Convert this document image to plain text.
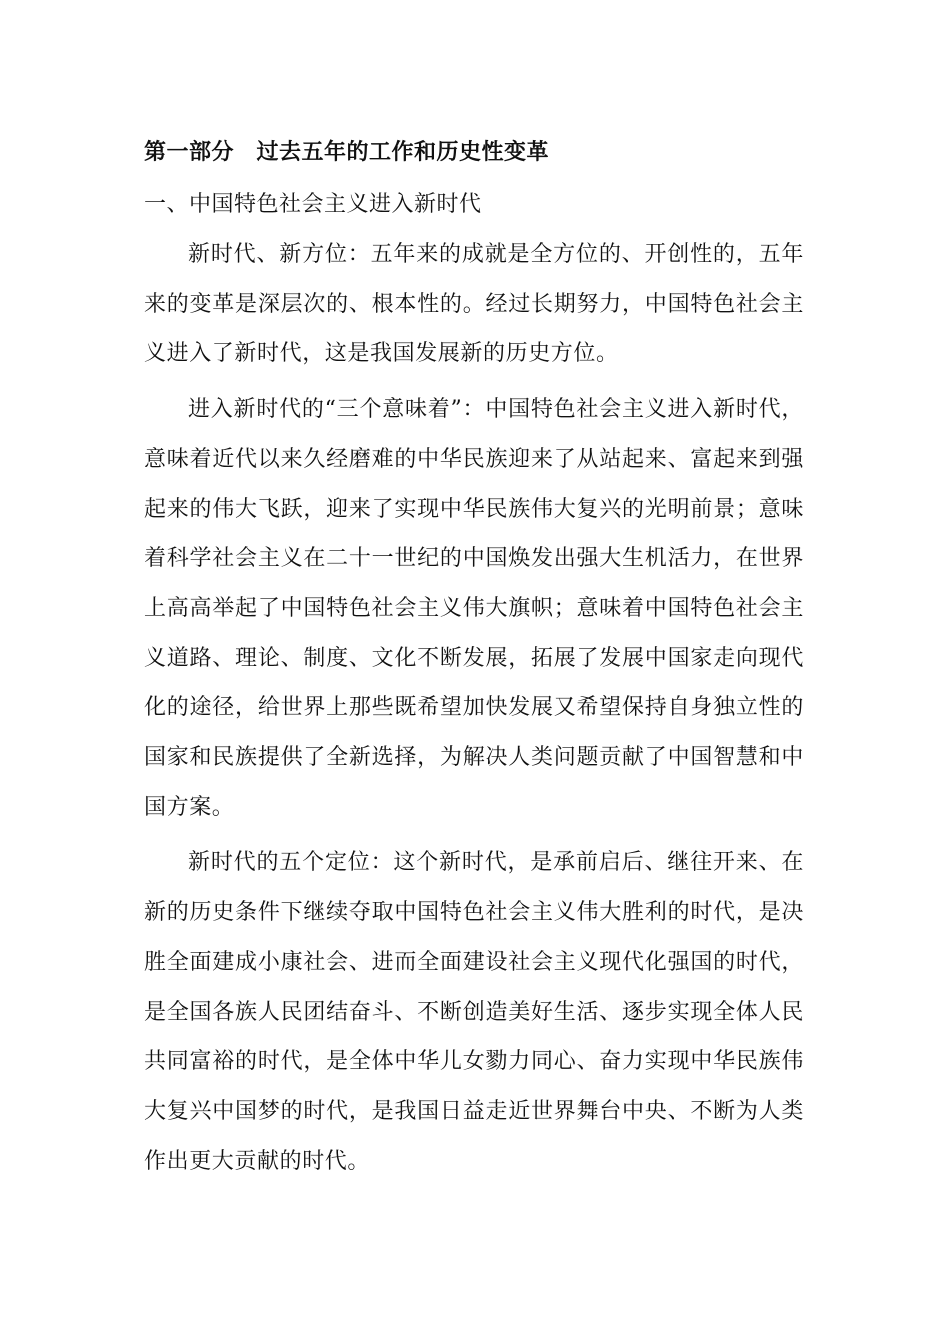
第一部分　过去五年的工作和历史性变革
一、中国特色社会主义进入新时代

新时代、新方位：五年来的成就是全方位的、开创性的，五年来的变革是深层次的、根本性的。经过长期努力，中国特色社会主义进入了新时代，这是我国发展新的历史方位。

进入新时代的“三个意味着”：中国特色社会主义进入新时代，意味着近代以来久经磨难的中华民族迎来了从站起来、富起来到强起来的伟大飞跃，迎来了实现中华民族伟大复兴的光明前景；意味着科学社会主义在二十一世纪的中国焕发出强大生机活力，在世界上高高举起了中国特色社会主义伟大旗帜；意味着中国特色社会主义道路、理论、制度、文化不断发展，拓展了发展中国家走向现代化的途径，给世界上那些既希望加快发展又希望保持自身独立性的国家和民族提供了全新选择，为解决人类问题贡献了中国智慧和中国方案。

新时代的五个定位：这个新时代，是承前启后、继往开来、在新的历史条件下继续夺取中国特色社会主义伟大胜利的时代，是决胜全面建成小康社会、进而全面建设社会主义现代化强国的时代，是全国各族人民团结奋斗、不断创造美好生活、逐步实现全体人民共同富裕的时代，是全体中华儿女勠力同心、奋力实现中华民族伟大复兴中国梦的时代，是我国日益走近世界舞台中央、不断为人类作出更大贡献的时代。
